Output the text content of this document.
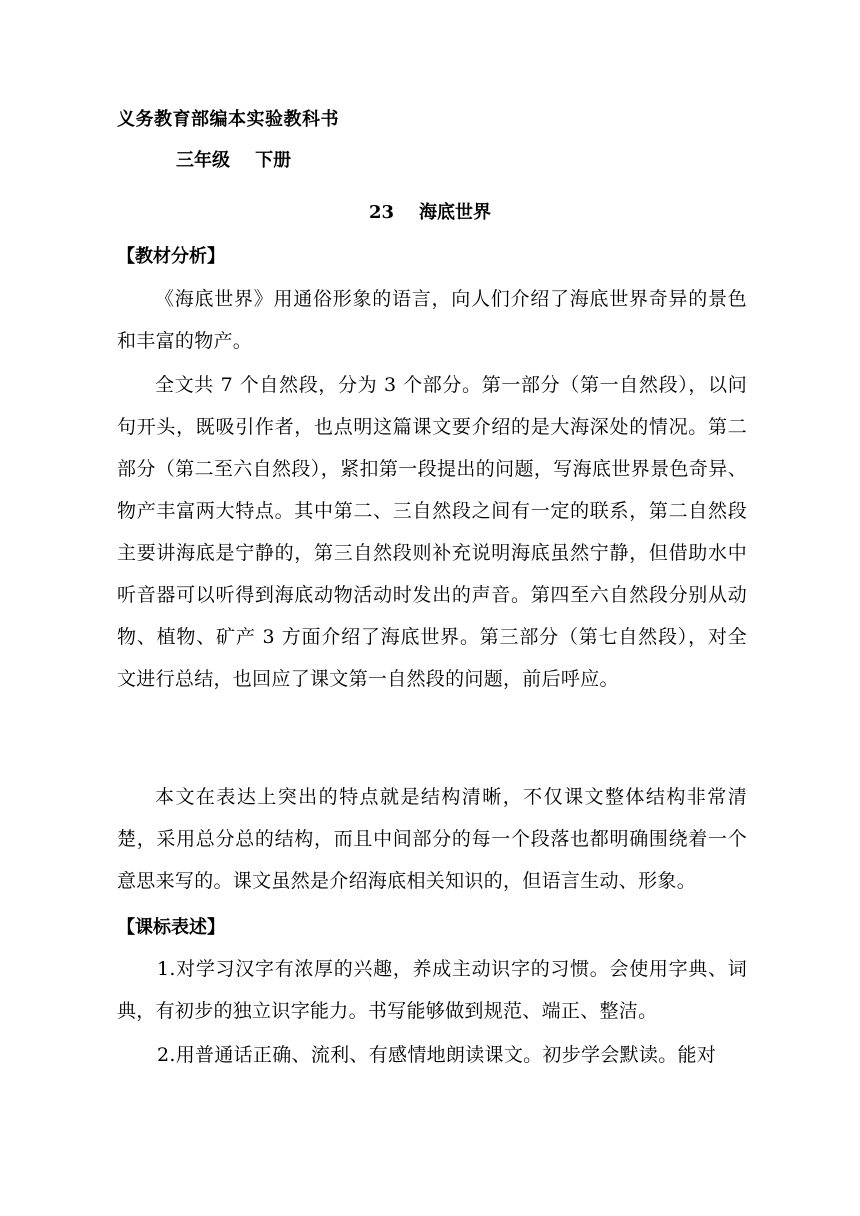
义务教育部编本实验教科书
三年级    下册
23    海底世界
【教材分析】
《海底世界》用通俗形象的语言，向人们介绍了海底世界奇异的景色和丰富的物产。
全文共 7 个自然段，分为 3 个部分。第一部分（第一自然段），以问句开头，既吸引作者，也点明这篇课文要介绍的是大海深处的情况。第二部分（第二至六自然段），紧扣第一段提出的问题，写海底世界景色奇异、物产丰富两大特点。其中第二、三自然段之间有一定的联系，第二自然段主要讲海底是宁静的，第三自然段则补充说明海底虽然宁静，但借助水中听音器可以听得到海底动物活动时发出的声音。第四至六自然段分别从动物、植物、矿产 3 方面介绍了海底世界。第三部分（第七自然段），对全文进行总结，也回应了课文第一自然段的问题，前后呼应。
本文在表达上突出的特点就是结构清晰，不仅课文整体结构非常清楚，采用总分总的结构，而且中间部分的每一个段落也都明确围绕着一个意思来写的。课文虽然是介绍海底相关知识的，但语言生动、形象。
【课标表述】
1.对学习汉字有浓厚的兴趣，养成主动识字的习惯。会使用字典、词典，有初步的独立识字能力。书写能够做到规范、端正、整洁。
2.用普通话正确、流利、有感情地朗读课文。初步学会默读。能对
